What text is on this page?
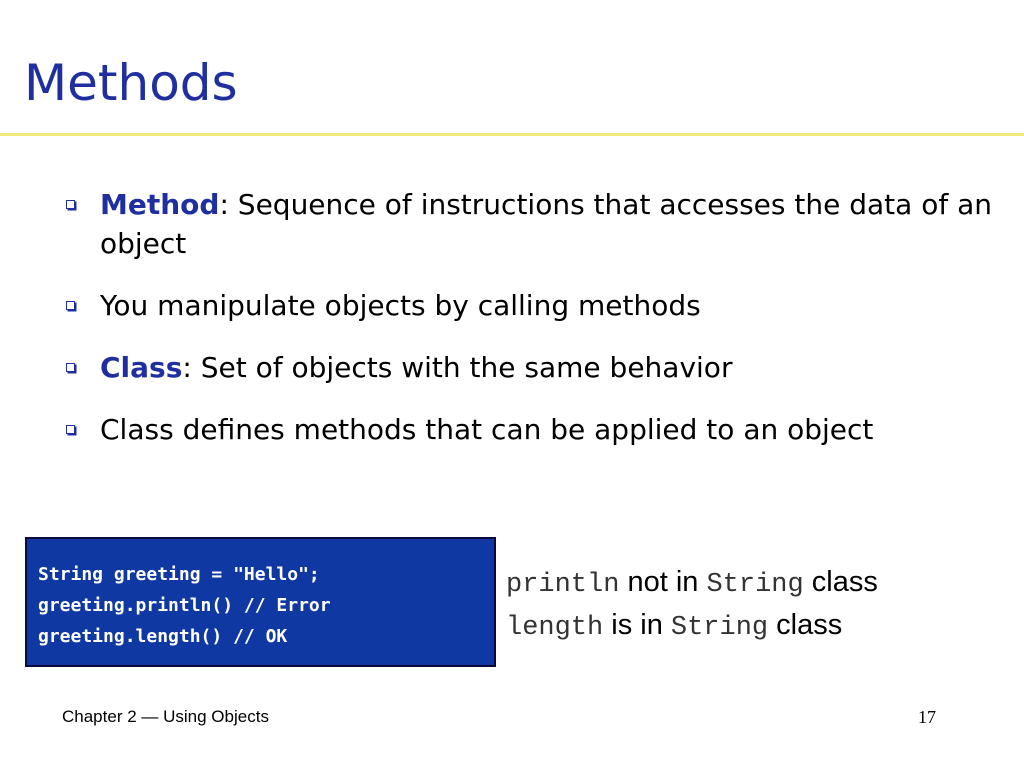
Methods
Method: Sequence of instructions that accesses the data of an object
You manipulate objects by calling methods
Class: Set of objects with the same behavior
Class defines methods that can be applied to an object
String greeting = "Hello";
greeting.println() // Error
greeting.length() // OK
println not in String class
length is in String class
Chapter 2 — Using Objects	17
